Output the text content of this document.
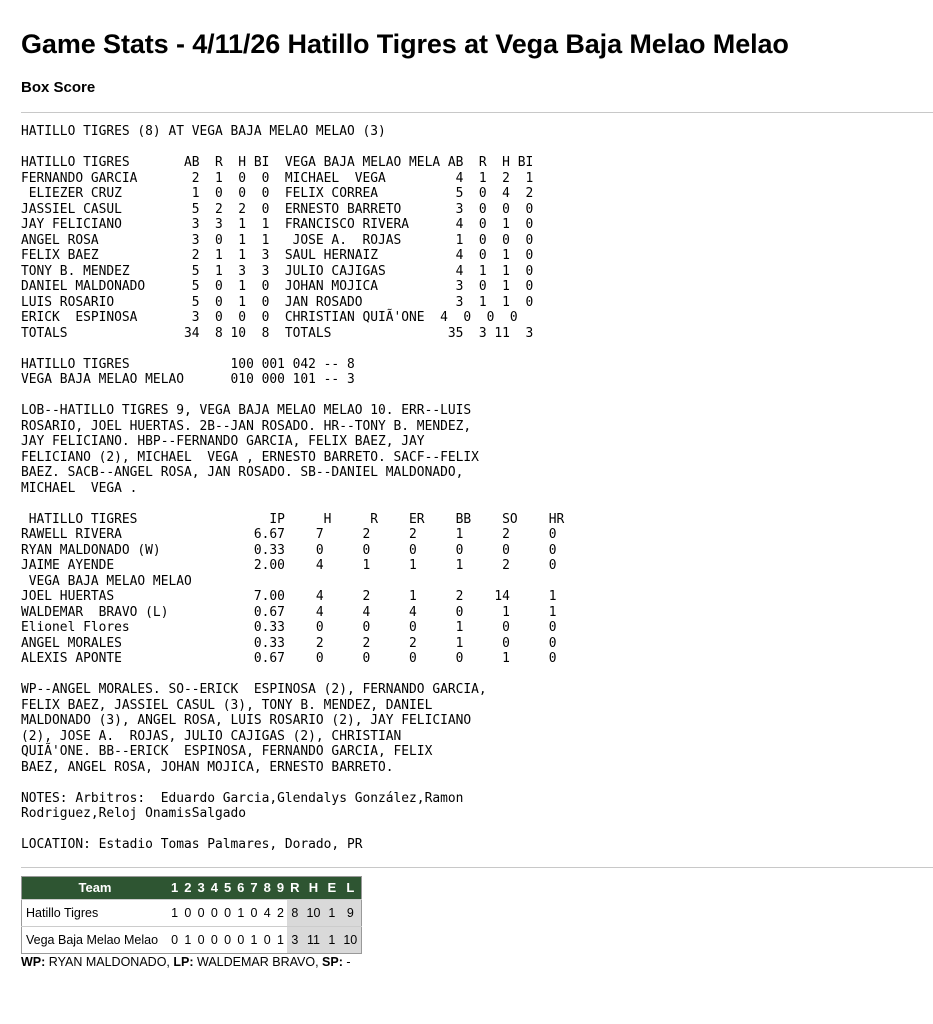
Game Stats - 4/11/26 Hatillo Tigres at Vega Baja Melao Melao
Box Score
HATILLO TIGRES (8) AT VEGA BAJA MELAO MELAO (3)

HATILLO TIGRES       AB  R  H BI  VEGA BAJA MELAO MELA AB  R  H BI
FERNANDO GARCIA       2  1  0  0  MICHAEL  VEGA         4  1  2  1
ELIEZER CRUZ         1  0  0  0  FELIX CORREA          5  0  4  2
JASSIEL CASUL         5  2  2  0  ERNESTO BARRETO       3  0  0  0
JAY FELICIANO         3  3  1  1  FRANCISCO RIVERA      4  0  1  0
ANGEL ROSA            3  0  1  1   JOSE A.  ROJAS       1  0  0  0
FELIX BAEZ            2  1  1  3  SAUL HERNAIZ          4  0  1  0
TONY B. MENDEZ        5  1  3  3  JULIO CAJIGAS         4  1  1  0
DANIEL MALDONADO      5  0  1  0  JOHAN MOJICA          3  0  1  0
LUIS ROSARIO          5  0  1  0  JAN ROSADO            3  1  1  0
ERICK  ESPINOSA       3  0  0  0  CHRISTIAN QUIÃ'ONE  4  0  0  0
TOTALS               34  8 10  8  TOTALS               35  3 11  3

HATILLO TIGRES             100 001 042 -- 8
VEGA BAJA MELAO MELAO      010 000 101 -- 3

LOB--HATILLO TIGRES 9, VEGA BAJA MELAO MELAO 10. ERR--LUIS
ROSARIO, JOEL HUERTAS. 2B--JAN ROSADO. HR--TONY B. MENDEZ,
JAY FELICIANO. HBP--FERNANDO GARCIA, FELIX BAEZ, JAY
FELICIANO (2), MICHAEL  VEGA , ERNESTO BARRETO. SACF--FELIX
BAEZ. SACB--ANGEL ROSA, JAN ROSADO. SB--DANIEL MALDONADO,
MICHAEL  VEGA .

HATILLO TIGRES                 IP     H     R    ER    BB    SO    HR
RAWELL RIVERA                 6.67    7     2     2     1     2     0
RYAN MALDONADO (W)            0.33    0     0     0     0     0     0
JAIME AYENDE                  2.00    4     1     1     1     2     0
VEGA BAJA MELAO MELAO
JOEL HUERTAS                  7.00    4     2     1     2    14     1
WALDEMAR  BRAVO (L)           0.67    4     4     4     0     1     1
Elionel Flores                0.33    0     0     0     1     0     0
ANGEL MORALES                 0.33    2     2     2     1     0     0
ALEXIS APONTE                 0.67    0     0     0     0     1     0

WP--ANGEL MORALES. SO--ERICK  ESPINOSA (2), FERNANDO GARCIA,
FELIX BAEZ, JASSIEL CASUL (3), TONY B. MENDEZ, DANIEL
MALDONADO (3), ANGEL ROSA, LUIS ROSARIO (2), JAY FELICIANO
(2), JOSE A.  ROJAS, JULIO CAJIGAS (2), CHRISTIAN
QUIÃ'ONE. BB--ERICK  ESPINOSA, FERNANDO GARCIA, FELIX
BAEZ, ANGEL ROSA, JOHAN MOJICA, ERNESTO BARRETO.

NOTES: Arbitros:  Eduardo Garcia,Glendalys González,Ramon
Rodriguez,Reloj OnamisSalgado

LOCATION: Estadio Tomas Palmares, Dorado, PR
Team	1	2	3	4	5	6	7	8	9	R	H	E	L
Hatillo Tigres	1	0	0	0	0	1	0	4	2	8	10	1	9
Vega Baja Melao Melao	0	1	0	0	0	0	1	0	1	3	11	1	10
WP: RYAN MALDONADO, LP: WALDEMAR BRAVO, SP: -
